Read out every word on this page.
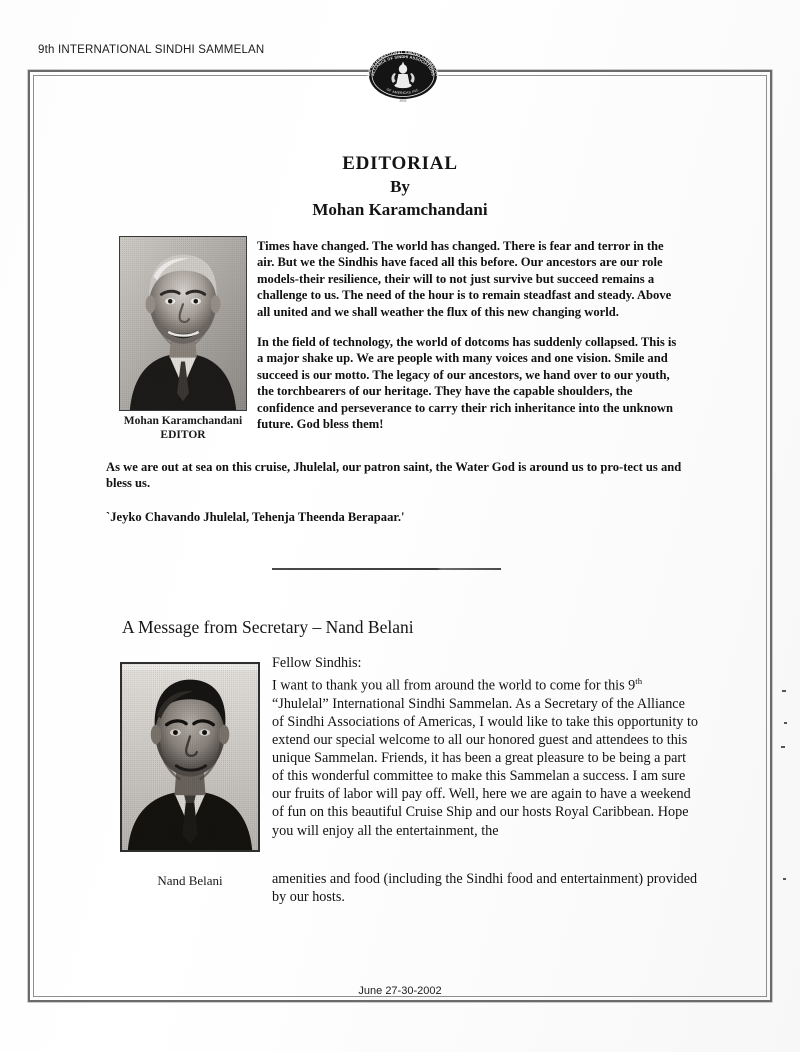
9th INTERNATIONAL SINDHI SAMMELAN
9th INTERNATIONAL SINDHI SAMMELAN
ALLIANCE OF SINDHI ASSOCIATIONS
OF AMERICAS INC.
2002
EDITORIAL
By
Mohan Karamchandani
Mohan Karamchandani
EDITOR

Times have changed. The world has changed. There is fear and terror in the air. But we the Sindhis have faced all this before. Our ancestors are our role models-their resilience, their will to not just survive but succeed remains a challenge to us. The need of the hour is to remain steadfast and steady. Above all united and we shall weather the flux of this new changing world.

In the field of technology, the world of dotcoms has suddenly collapsed. This is a major shake up. We are people with many voices and one vision. Smile and succeed is our motto. The legacy of our ancestors, we hand over to our youth, the torchbearers of our heritage. They have the capable shoulders, the confidence and perseverance to carry their rich inheritance into the unknown future. God bless them!

As we are out at sea on this cruise, Jhulelal, our patron saint, the Water God is around us to pro-tect us and bless us.
`Jeyko Chavando Jhulelal, Tehenja Theenda Berapaar.'
A Message from Secretary – Nand Belani
Nand Belani

Fellow Sindhis:

I want to thank you all from around the world to come for this 9th “Jhulelal” International Sindhi Sammelan. As a Secretary of the Alliance of Sindhi Associations of Americas, I would like to take this opportunity to extend our special welcome to all our honored guest and attendees to this unique Sammelan. Friends, it has been a great pleasure to be being a part of this wonderful committee to make this Sammelan a success. I am sure our fruits of labor will pay off. Well, here we are again to have a weekend of fun on this beautiful Cruise Ship and our hosts Royal Caribbean. Hope you will enjoy all the entertainment, the

amenities and food (including the Sindhi food and entertainment) provided by our hosts.

June 27-30-2002
